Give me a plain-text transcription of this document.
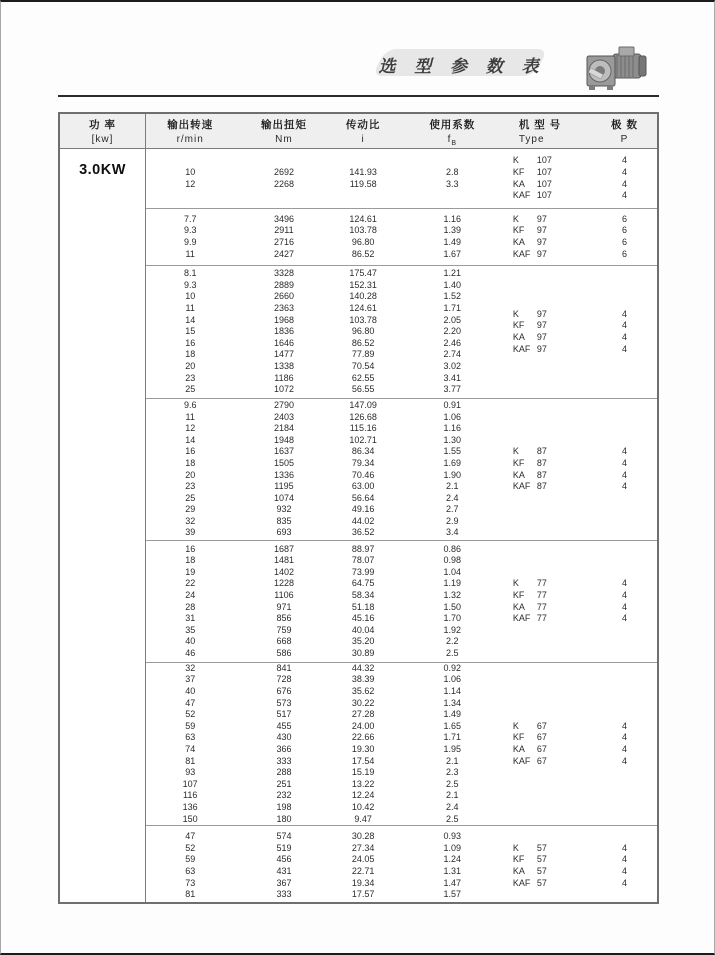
选 型 参 数 表
功 率
[kw]
3.0KW
输出转速
r/min
输出扭矩
Nm
传动比
i
使用系数
$f_B$
机 型 号
Type
极 数
P
10
12
2692
2268
141.93
119.58
2.8
3.3
K 107
KF 107
KA 107
KAF 107
4
4
4
4
7.7
9.3
9.9
11
3496
2911
2716
2427
124.61
103.78
96.80
86.52
1.16
1.39
1.49
1.67
K 97
KF 97
KA 97
KAF 97
6
6
6
6
8.1
9.3
10
11
14
15
16
18
20
23
25
3328
2889
2660
2363
1968
1836
1646
1477
1338
1186
1072
175.47
152.31
140.28
124.61
103.78
96.80
86.52
77.89
70.54
62.55
56.55
1.21
1.40
1.52
1.71
2.05
2.20
2.46
2.74
3.02
3.41
3.77
K 97
KF 97
KA 97
KAF 97
4
4
4
4
9.6
11
12
14
16
18
20
23
25
29
32
39
2790
2403
2184
1948
1637
1505
1336
1195
1074
932
835
693
147.09
126.68
115.16
102.71
86.34
79.34
70.46
63.00
56.64
49.16
44.02
36.52
0.91
1.06
1.16
1.30
1.55
1.69
1.90
2.1
2.4
2.7
2.9
3.4
K 87
KF 87
KA 87
KAF 87
4
4
4
4
16
18
19
22
24
28
31
35
40
46
1687
1481
1402
1228
1106
971
856
759
668
586
88.97
78.07
73.99
64.75
58.34
51.18
45.16
40.04
35.20
30.89
0.86
0.98
1.04
1.19
1.32
1.50
1.70
1.92
2.2
2.5
K 77
KF 77
KA 77
KAF 77
4
4
4
4
32
37
40
47
52
59
63
74
81
93
107
116
136
150
841
728
676
573
517
455
430
366
333
288
251
232
198
180
44.32
38.39
35.62
30.22
27.28
24.00
22.66
19.30
17.54
15.19
13.22
12.24
10.42
9.47
0.92
1.06
1.14
1.34
1.49
1.65
1.71
1.95
2.1
2.3
2.5
2.1
2.4
2.5
K 67
KF 67
KA 67
KAF 67
4
4
4
4
47
52
59
63
73
81
574
519
456
431
367
333
30.28
27.34
24.05
22.71
19.34
17.57
0.93
1.09
1.24
1.31
1.47
1.57
K 57
KF 57
KA 57
KAF 57
4
4
4
4
